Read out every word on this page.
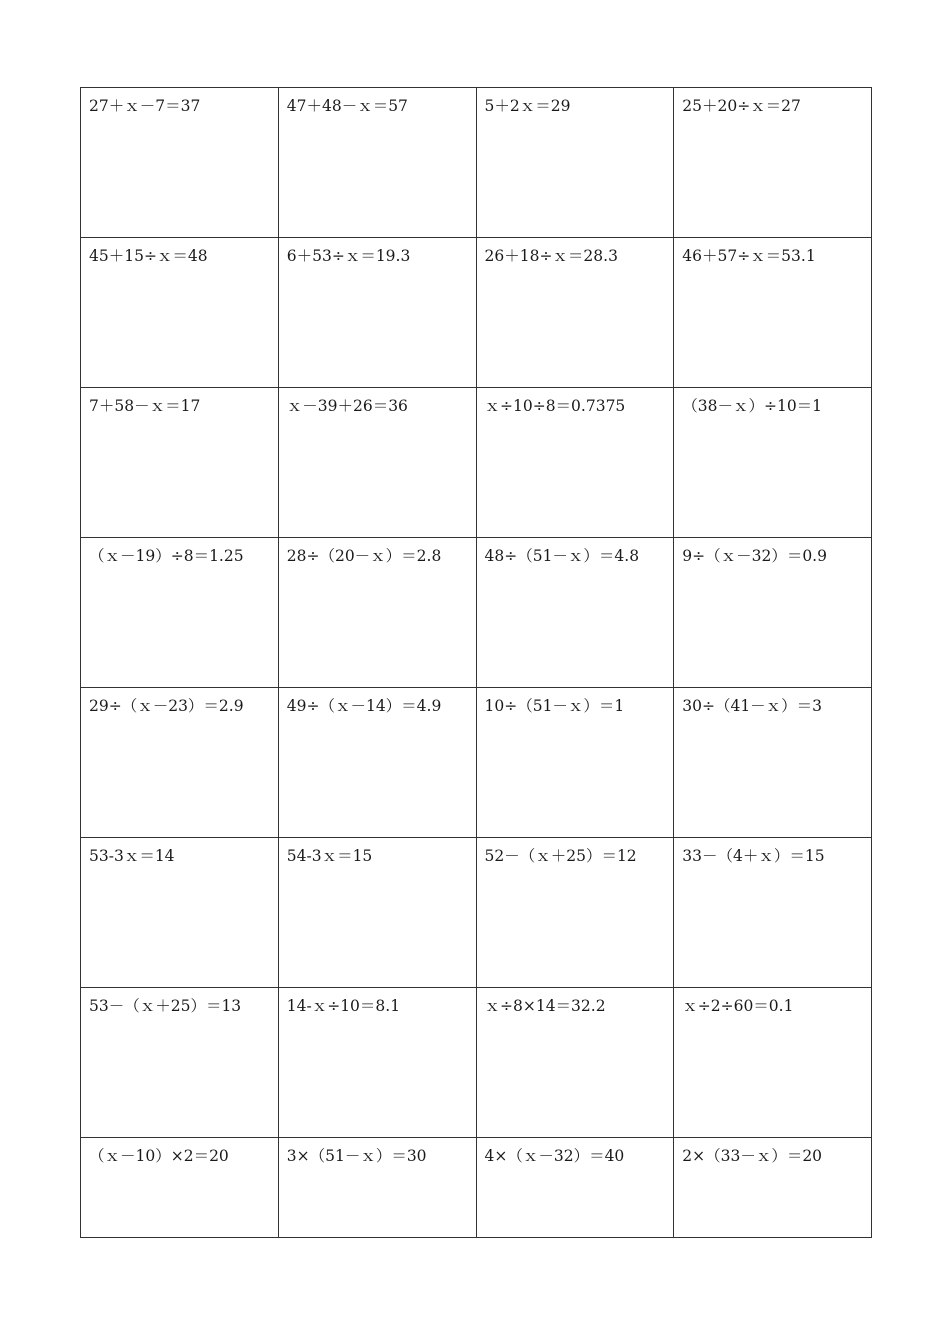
27＋ｘ－7＝37	47＋48－ｘ＝57	5＋2ｘ＝29	25＋20÷ｘ＝27
45＋15÷ｘ＝48	6＋53÷ｘ＝19.3	26＋18÷ｘ＝28.3	46＋57÷ｘ＝53.1
7＋58－ｘ＝17	ｘ－39＋26＝36	ｘ÷10÷8＝0.7375	（38－ｘ）÷10＝1
（ｘ－19）÷8＝1.25	28÷（20－ｘ）＝2.8	48÷（51－ｘ）＝4.8	9÷（ｘ－32）＝0.9
29÷（ｘ－23）＝2.9	49÷（ｘ－14）＝4.9	10÷（51－ｘ）＝1	30÷（41－ｘ）＝3
53-3ｘ＝14	54-3ｘ＝15	52－（ｘ＋25）＝12	33－（4＋ｘ）＝15
53－（ｘ＋25）＝13	14-ｘ÷10＝8.1	ｘ÷8×14＝32.2	ｘ÷2÷60＝0.1
（ｘ－10）×2＝20	3×（51－ｘ）＝30	4×（ｘ－32）＝40	2×（33－ｘ）＝20
